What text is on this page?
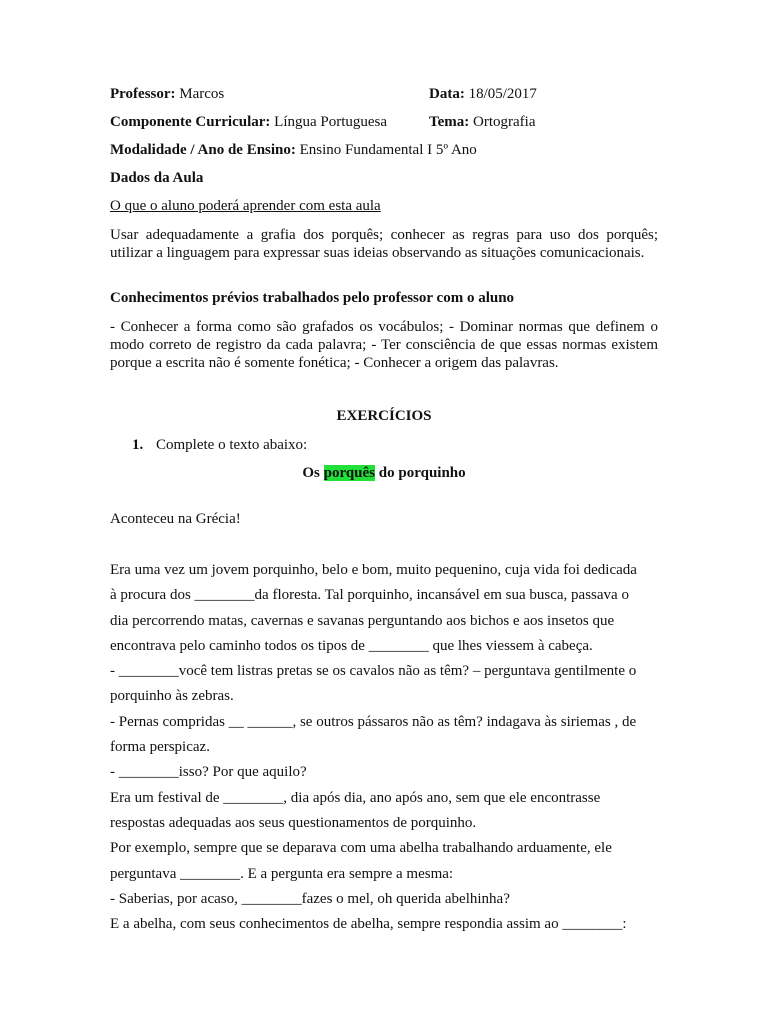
Professor: Marcos	Data: 18/05/2017
Componente Curricular: Língua Portuguesa	Tema: Ortografia
Modalidade / Ano de Ensino: Ensino Fundamental I 5º Ano
Dados da Aula
O que o aluno poderá aprender com esta aula
Usar adequadamente a grafia dos porquês; conhecer as regras para uso dos porquês; utilizar a linguagem para expressar suas ideias observando as situações comunicacionais.
Conhecimentos prévios trabalhados pelo professor com o aluno
- Conhecer a forma como são grafados os vocábulos; - Dominar normas que definem o modo correto de registro da cada palavra; - Ter consciência de que essas normas existem porque a escrita não é somente fonética; - Conhecer a origem das palavras.
EXERCÍCIOS
1. Complete o texto abaixo:
Os porquês do porquinho
Aconteceu na Grécia!
Era uma vez um jovem porquinho, belo e bom, muito pequenino, cuja vida foi dedicada
à procura dos ________da floresta. Tal porquinho, incansável em sua busca, passava o
dia percorrendo matas, cavernas e savanas perguntando aos bichos e aos insetos que
encontrava pelo caminho todos os tipos de ________ que lhes viessem à cabeça.
- ________você tem listras pretas se os cavalos não as têm? – perguntava gentilmente o
porquinho às zebras.
- Pernas compridas __ ______, se outros pássaros não as têm? indagava às siriemas , de
forma perspicaz.
- ________isso? Por que aquilo?
Era um festival de ________, dia após dia, ano após ano, sem que ele encontrasse
respostas adequadas aos seus questionamentos de porquinho.
Por exemplo, sempre que se deparava com uma abelha trabalhando arduamente, ele
perguntava ________. E a pergunta era sempre a mesma:
- Saberias, por acaso, ________fazes o mel, oh querida abelhinha?
E a abelha, com seus conhecimentos de abelha, sempre respondia assim ao ________:
